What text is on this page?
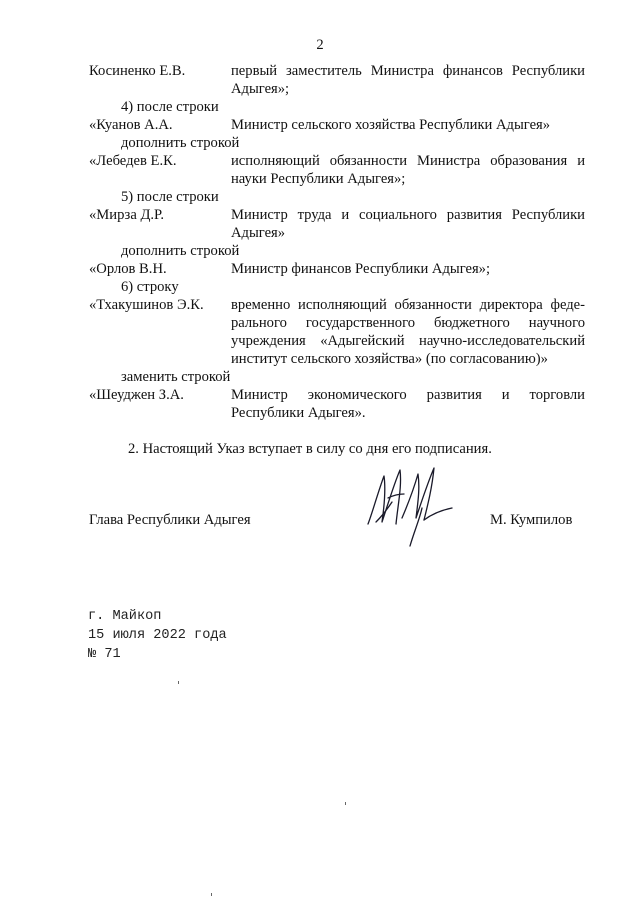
2
Косиненко Е.В.	первый заместитель Министра финансов Республики
Адыгея»;
4) после строки
«Куанов А.А.	Министр сельского хозяйства Республики Адыгея»
дополнить строкой
«Лебедев Е.К.	исполняющий обязанности Министра образования и
науки Республики Адыгея»;
5) после строки
«Мирза Д.Р.	Министр труда и социального развития Республики
Адыгея»
дополнить строкой
«Орлов В.Н.	Министр финансов Республики Адыгея»;
6) строку
«Тхакушинов Э.К. временно исполняющий обязанности директора феде-
рального государственного бюджетного научного
учреждения «Адыгейский научно-исследовательский
институт сельского хозяйства» (по согласованию)»
заменить строкой
«Шеуджен З.А.	Министр экономического развития и торговли
Республики Адыгея».
2. Настоящий Указ вступает в силу со дня его подписания.
Глава Республики Адыгея	М. Кумпилов
г. Майкоп
15 июля 2022 года
№ 71
